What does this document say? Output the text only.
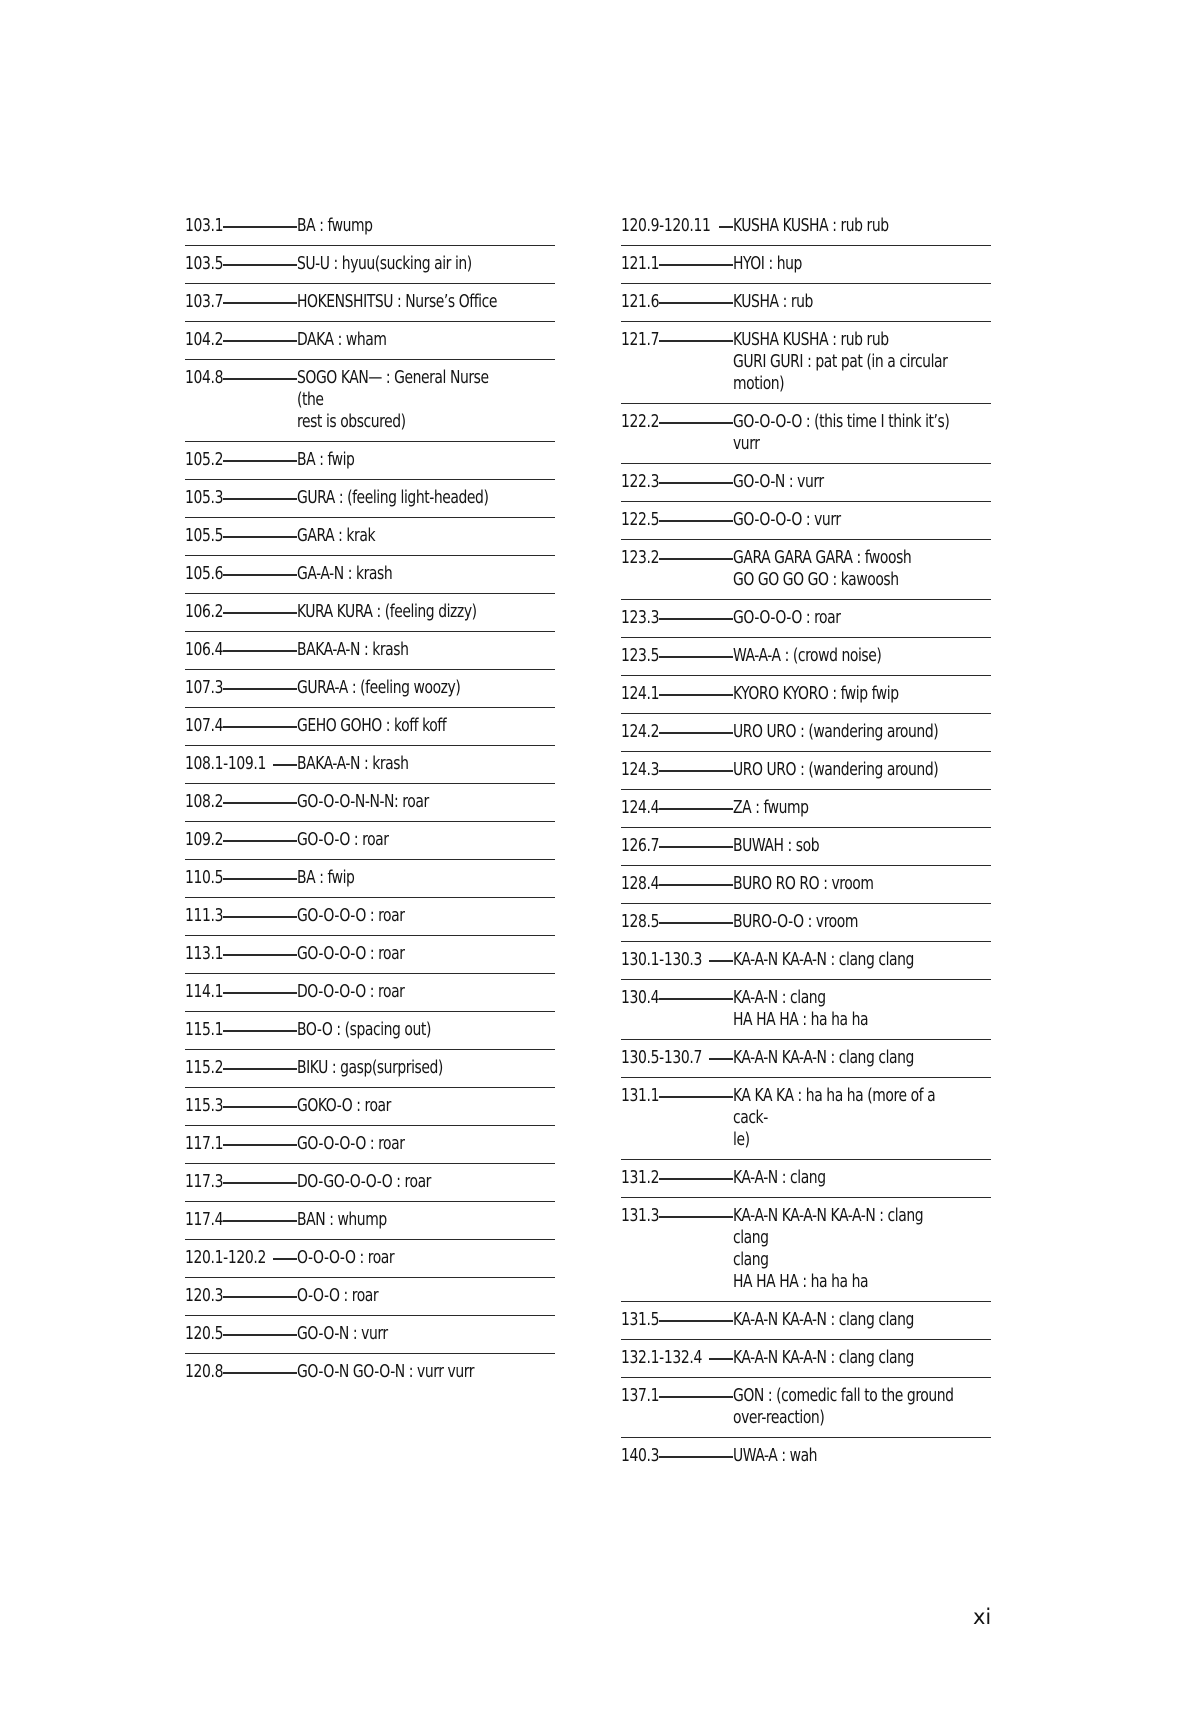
103.1	BA : fwump
103.5	SU-U : hyuu(sucking air in)
103.7	HOKENSHITSU : Nurse’s Office
104.2	DAKA : wham
104.8	SOGO KAN— : General Nurse (the
rest is obscured)
105.2	BA : fwip
105.3	GURA : (feeling light-headed)
105.5	GARA : krak
105.6	GA-A-N : krash
106.2	KURA KURA : (feeling dizzy)
106.4	BAKA-A-N : krash
107.3	GURA-A : (feeling woozy)
107.4	GEHO GOHO : koff koff
108.1-109.1 BAKA-A-N : krash
108.2	GO-O-O-N-N-N: roar
109.2	GO-O-O : roar
110.5	BA : fwip
111.3	GO-O-O-O : roar
113.1	GO-O-O-O : roar
114.1	DO-O-O-O : roar
115.1	BO-O : (spacing out)
115.2	BIKU : gasp(surprised)
115.3	GOKO-O : roar
117.1	GO-O-O-O : roar
117.3	DO-GO-O-O-O : roar
117.4	BAN : whump
120.1-120.2 O-O-O-O : roar
120.3	O-O-O : roar
120.5	GO-O-N : vurr
120.8	GO-O-N GO-O-N : vurr vurr
120.9-120.11 KUSHA KUSHA : rub rub
121.1	HYOI : hup
121.6	KUSHA : rub
121.7	KUSHA KUSHA : rub rub
GURI GURI : pat pat (in a circular
motion)
122.2	GO-O-O-O : (this time I think it’s) vurr
122.3	GO-O-N : vurr
122.5	GO-O-O-O : vurr
123.2	GARA GARA GARA : fwoosh
GO GO GO GO : kawoosh
123.3	GO-O-O-O : roar
123.5	WA-A-A : (crowd noise)
124.1	KYORO KYORO : fwip fwip
124.2	URO URO : (wandering around)
124.3	URO URO : (wandering around)
124.4	ZA : fwump
126.7	BUWAH : sob
128.4	BURO RO RO : vroom
128.5	BURO-O-O : vroom
130.1-130.3 KA-A-N KA-A-N : clang clang
130.4	KA-A-N : clang
HA HA HA : ha ha ha
130.5-130.7 KA-A-N KA-A-N : clang clang
131.1	KA KA KA : ha ha ha (more of a cack-
le)
131.2	KA-A-N : clang
131.3	KA-A-N KA-A-N KA-A-N : clang clang
clang
HA HA HA : ha ha ha
131.5	KA-A-N KA-A-N : clang clang
132.1-132.4 KA-A-N KA-A-N : clang clang
137.1	GON : (comedic fall to the ground
over-reaction)
140.3	UWA-A : wah
xi
